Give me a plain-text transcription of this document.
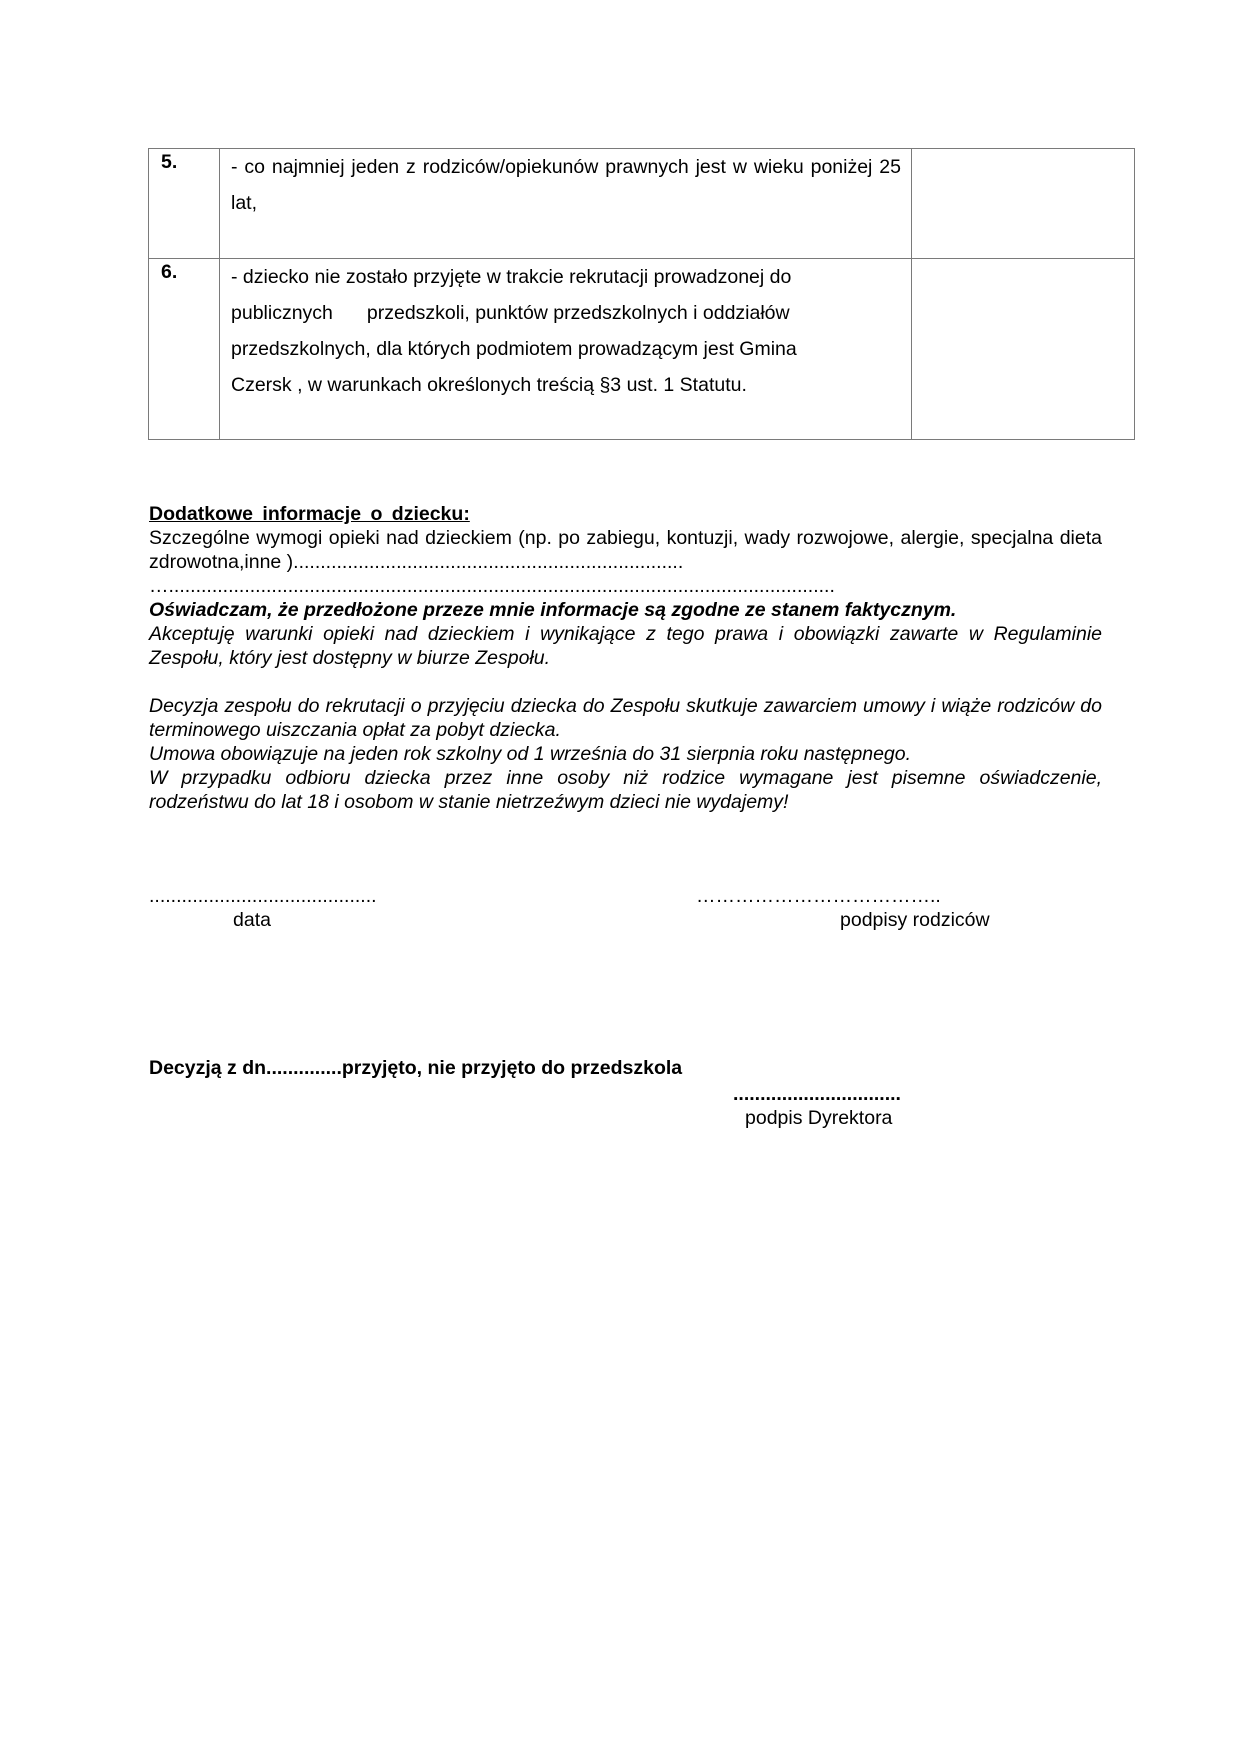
5.	- co najmniej jeden z rodziców/opiekunów prawnych jest w wieku poniżej 25 lat,	
6.	- dziecko nie zostało przyjęte w trakcie rekrutacji prowadzonej do
publicznych przedszkoli, punktów przedszkolnych i oddziałów
przedszkolnych, dla których podmiotem prowadzącym jest Gmina
Czersk , w warunkach określonych treścią §3 ust. 1 Statutu.	

Dodatkowe informacje o dziecku:

Szczególne wymogi opieki nad dzieckiem (np. po zabiegu, kontuzji, wady rozwojowe, alergie, specjalna dieta zdrowotna,inne )........................................................................

…...........................................................................................................................

Oświadczam, że przedłożone przeze mnie informacje są zgodne ze stanem faktycznym.

Akceptuję warunki opieki nad dzieckiem i wynikające z tego prawa i obowiązki zawarte w Regulaminie Zespołu, który jest dostępny w biurze Zespołu.

Decyzja zespołu do rekrutacji o przyjęciu dziecka do Zespołu skutkuje zawarciem umowy i wiąże rodziców do terminowego uiszczania opłat za pobyt dziecka.

Umowa obowiązuje na jeden rok szkolny od 1 września do 31 sierpnia roku następnego.

W przypadku odbioru dziecka przez inne osoby niż rodzice wymagane jest pisemne oświadczenie, rodzeństwu do lat 18 i osobom w stanie nietrzeźwym dzieci nie wydajemy!

..........................................
data
………………………………..
podpisy rodziców
Decyzją z dn..............przyjęto, nie przyjęto do przedszkola
...............................
podpis Dyrektora
